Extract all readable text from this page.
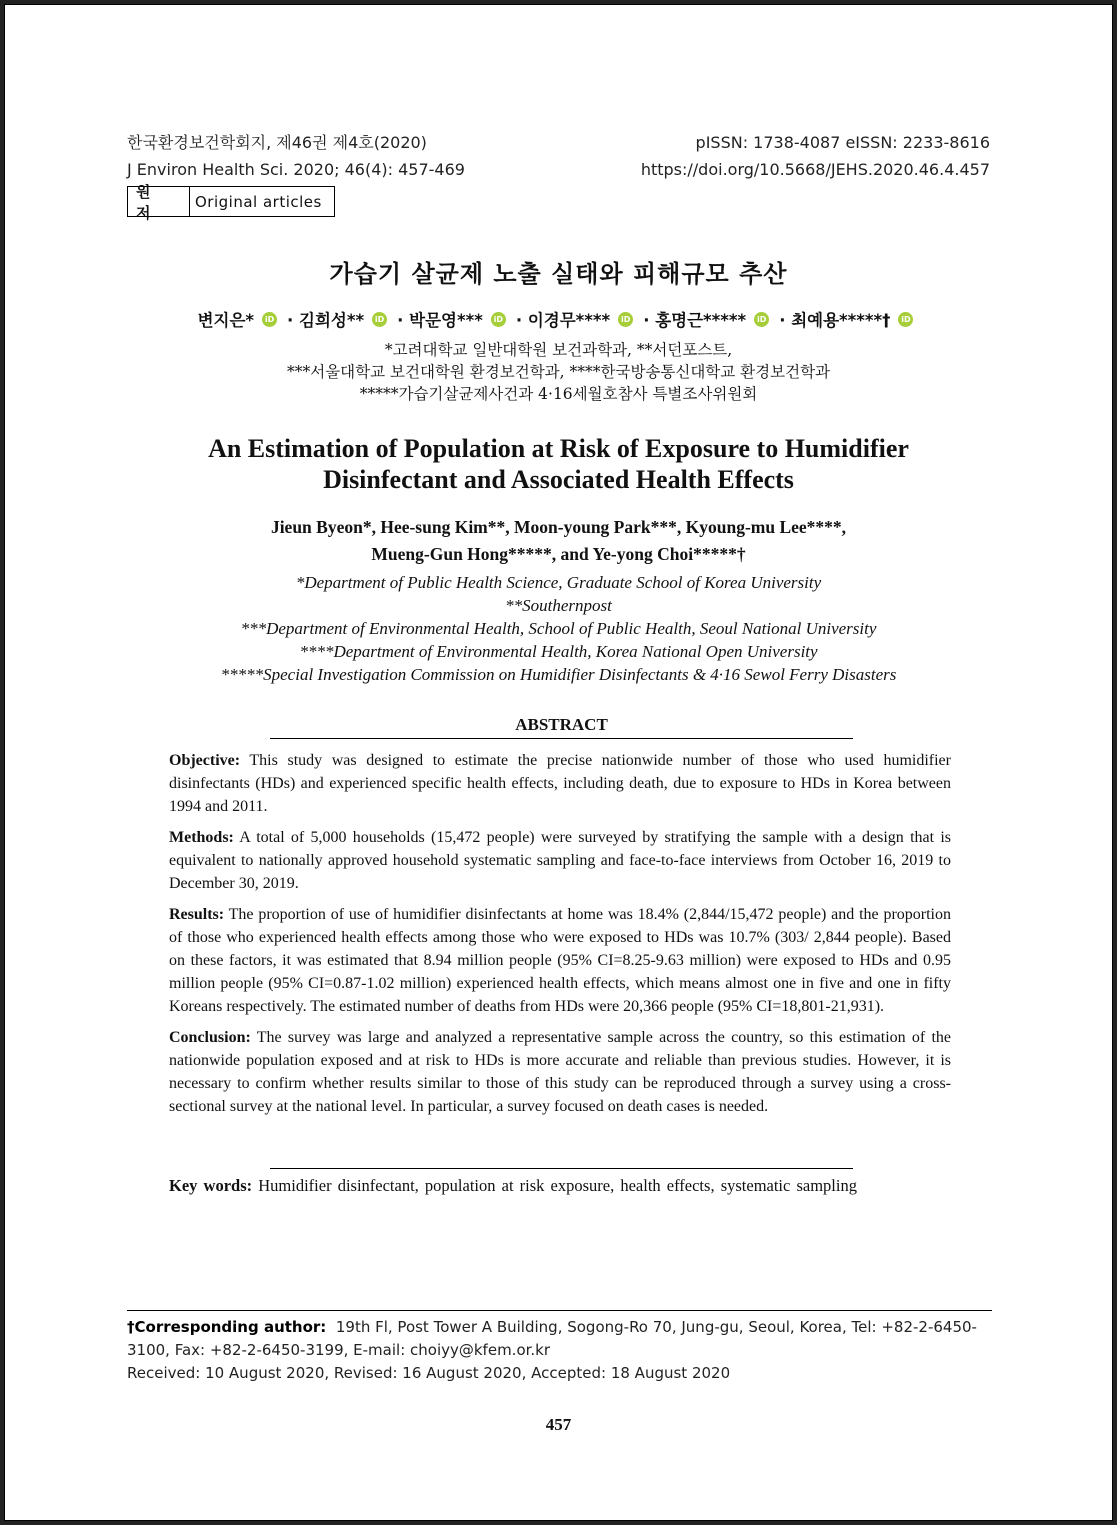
한국환경보건학회지, 제46권 제4호(2020)
J Environ Health Sci. 2020; 46(4): 457-469
pISSN: 1738-4087 eISSN: 2233-8616
https://doi.org/10.5668/JEHS.2020.46.4.457
원 저
Original articles
가습기 살균제 노출 실태와 피해규모 추산
변지은*	iD · 김희성**	iD · 박문영***	iD · 이경무****	iD · 홍명근*****	iD · 최예용*****†	iD
*고려대학교 일반대학원 보건과학과, **서던포스트,
***서울대학교 보건대학원 환경보건학과, ****한국방송통신대학교 환경보건학과
*****가습기살균제사건과 4·16세월호참사 특별조사위원회
An Estimation of Population at Risk of Exposure to Humidifier
Disinfectant and Associated Health Effects
Jieun Byeon*, Hee-sung Kim**, Moon-young Park***, Kyoung-mu Lee****,
Mueng-Gun Hong*****, and Ye-yong Choi*****†
*Department of Public Health Science, Graduate School of Korea University
**Southernpost
***Department of Environmental Health, School of Public Health, Seoul National University
****Department of Environmental Health, Korea National Open University
*****Special Investigation Commission on Humidifier Disinfectants & 4·16 Sewol Ferry Disasters
ABSTRACT

Objective: This study was designed to estimate the precise nationwide number of those who used humidifier disinfectants (HDs) and experienced specific health effects, including death, due to exposure to HDs in Korea between 1994 and 2011.

Methods: A total of 5,000 households (15,472 people) were surveyed by stratifying the sample with a design that is equivalent to nationally approved household systematic sampling and face-to-face interviews from October 16, 2019 to December 30, 2019.

Results: The proportion of use of humidifier disinfectants at home was 18.4% (2,844/15,472 people) and the proportion of those who experienced health effects among those who were exposed to HDs was 10.7% (303/ 2,844 people). Based on these factors, it was estimated that 8.94 million people (95% CI=8.25-9.63 million) were exposed to HDs and 0.95 million people (95% CI=0.87-1.02 million) experienced health effects, which means almost one in five and one in fifty Koreans respectively. The estimated number of deaths from HDs were 20,366 people (95% CI=18,801-21,931).

Conclusion: The survey was large and analyzed a representative sample across the country, so this estimation of the nationwide population exposed and at risk to HDs is more accurate and reliable than previous studies. However, it is necessary to confirm whether results similar to those of this study can be reproduced through a survey using a cross-sectional survey at the national level. In particular, a survey focused on death cases is needed.

Key words: Humidifier disinfectant, population at risk exposure, health effects, systematic sampling
†Corresponding author: 19th Fl, Post Tower A Building, Sogong-Ro 70, Jung-gu, Seoul, Korea, Tel: +82-2-6450-3100, Fax: +82-2-6450-3199, E-mail: choiyy@kfem.or.kr
Received: 10 August 2020, Revised: 16 August 2020, Accepted: 18 August 2020
457
